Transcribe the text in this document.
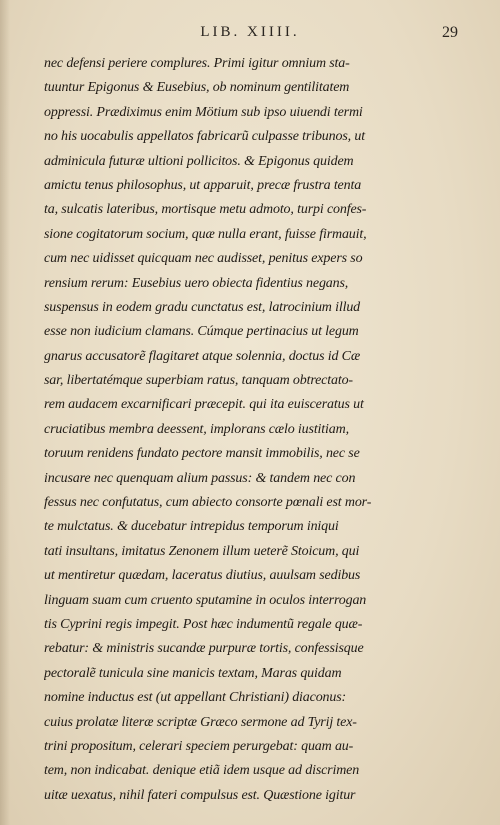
LIB. XIIII.	29
nec defensi periere complures. Primi igitur omnium sta-
tuuntur Epigonus & Eusebius, ob nominum gentilitatem
oppressi. Prædiximus enim Mötium sub ipso uiuendi termi
no his uocabulis appellatos fabricarũ culpasse tribunos, ut
adminicula futuræ ultioni pollicitos. & Epigonus quidem
amictu tenus philosophus, ut apparuit, precæ frustra tenta
ta, sulcatis lateribus, mortisque metu admoto, turpi confes-
sione cogitatorum socium, quæ nulla erant, fuisse firmauit,
cum nec uidisset quicquam nec audisset, penitus expers so
rensium rerum: Eusebius uero obiecta fidentius negans,
suspensus in eodem gradu cunctatus est, latrocinium illud
esse non iudicium clamans. Cúmque pertinacius ut legum
gnarus accusatorẽ flagitaret atque solennia, doctus id Cæ
sar, libertatémque superbiam ratus, tanquam obtrectato-
rem audacem excarnificari præcepit. qui ita euisceratus ut
cruciatibus membra deessent, implorans cælo iustitiam,
toruum renidens fundato pectore mansit immobilis, nec se
incusare nec quenquam alium passus: & tandem nec con
fessus nec confutatus, cum abiecto consorte pœnali est mor-
te mulctatus. & ducebatur intrepidus temporum iniqui
tati insultans, imitatus Zenonem illum ueterẽ Stoicum, qui
ut mentiretur quædam, laceratus diutius, auulsam sedibus
linguam suam cum cruento sputamine in oculos interrogan
tis Cyprini regis impegit. Post hæc indumentũ regale quæ-
rebatur: & ministris sucandæ purpuræ tortis, confessisque
pectoralẽ tunicula sine manicis textam, Maras quidam
nomine inductus est (ut appellant Christiani) diaconus:
cuius prolatæ literæ scriptæ Græco sermone ad Tyrij tex-
trini propositum, celerari speciem perurgebat: quam au-
tem, non indicabat. denique etiã idem usque ad discrimen
uitæ uexatus, nihil fateri compulsus est. Quæstione igitur
